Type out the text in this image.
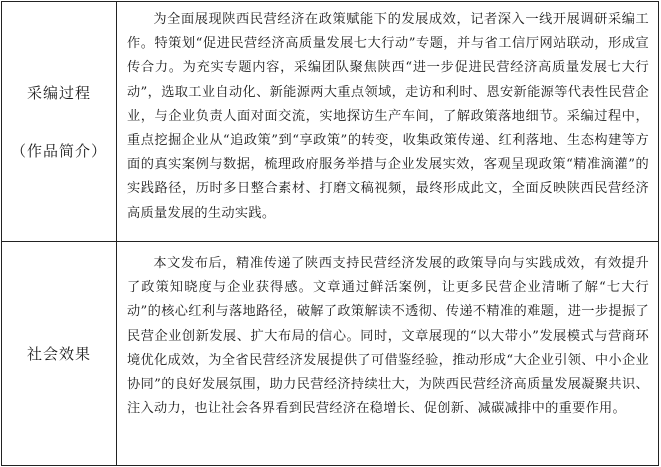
采编过程
（作品简介）	为全面展现陕西民营经济在政策赋能下的发展成效，记者深入一线开展调研采编工作。特策划“促进民营经济高质量发展七大行动”专题，并与省工信厅网站联动，形成宣传合力。为充实专题内容，采编团队聚焦陕西“进一步促进民营经济高质量发展七大行动”，选取工业自动化、新能源两大重点领域，走访和利时、恩安新能源等代表性民营企业，与企业负责人面对面交流，实地探访生产车间，了解政策落地细节。采编过程中，重点挖掘企业从“追政策”到“享政策”的转变，收集政策传递、红利落地、生态构建等方面的真实案例与数据，梳理政府服务举措与企业发展实效，客观呈现政策“精准滴灌”的实践路径，历时多日整合素材、打磨文稿视频，最终形成此文，全面反映陕西民营经济高质量发展的生动实践。

社会效果	本文发布后，精准传递了陕西支持民营经济发展的政策导向与实践成效，有效提升了政策知晓度与企业获得感。文章通过鲜活案例，让更多民营企业清晰了解“七大行动”的核心红利与落地路径，破解了政策解读不透彻、传递不精准的难题，进一步提振了民营企业创新发展、扩大布局的信心。同时，文章展现的“以大带小”发展模式与营商环境优化成效，为全省民营经济发展提供了可借鉴经验，推动形成“大企业引领、中小企业协同”的良好发展氛围，助力民营经济持续壮大，为陕西民营经济高质量发展凝聚共识、注入动力，也让社会各界看到民营经济在稳增长、促创新、减碳减排中的重要作用。
